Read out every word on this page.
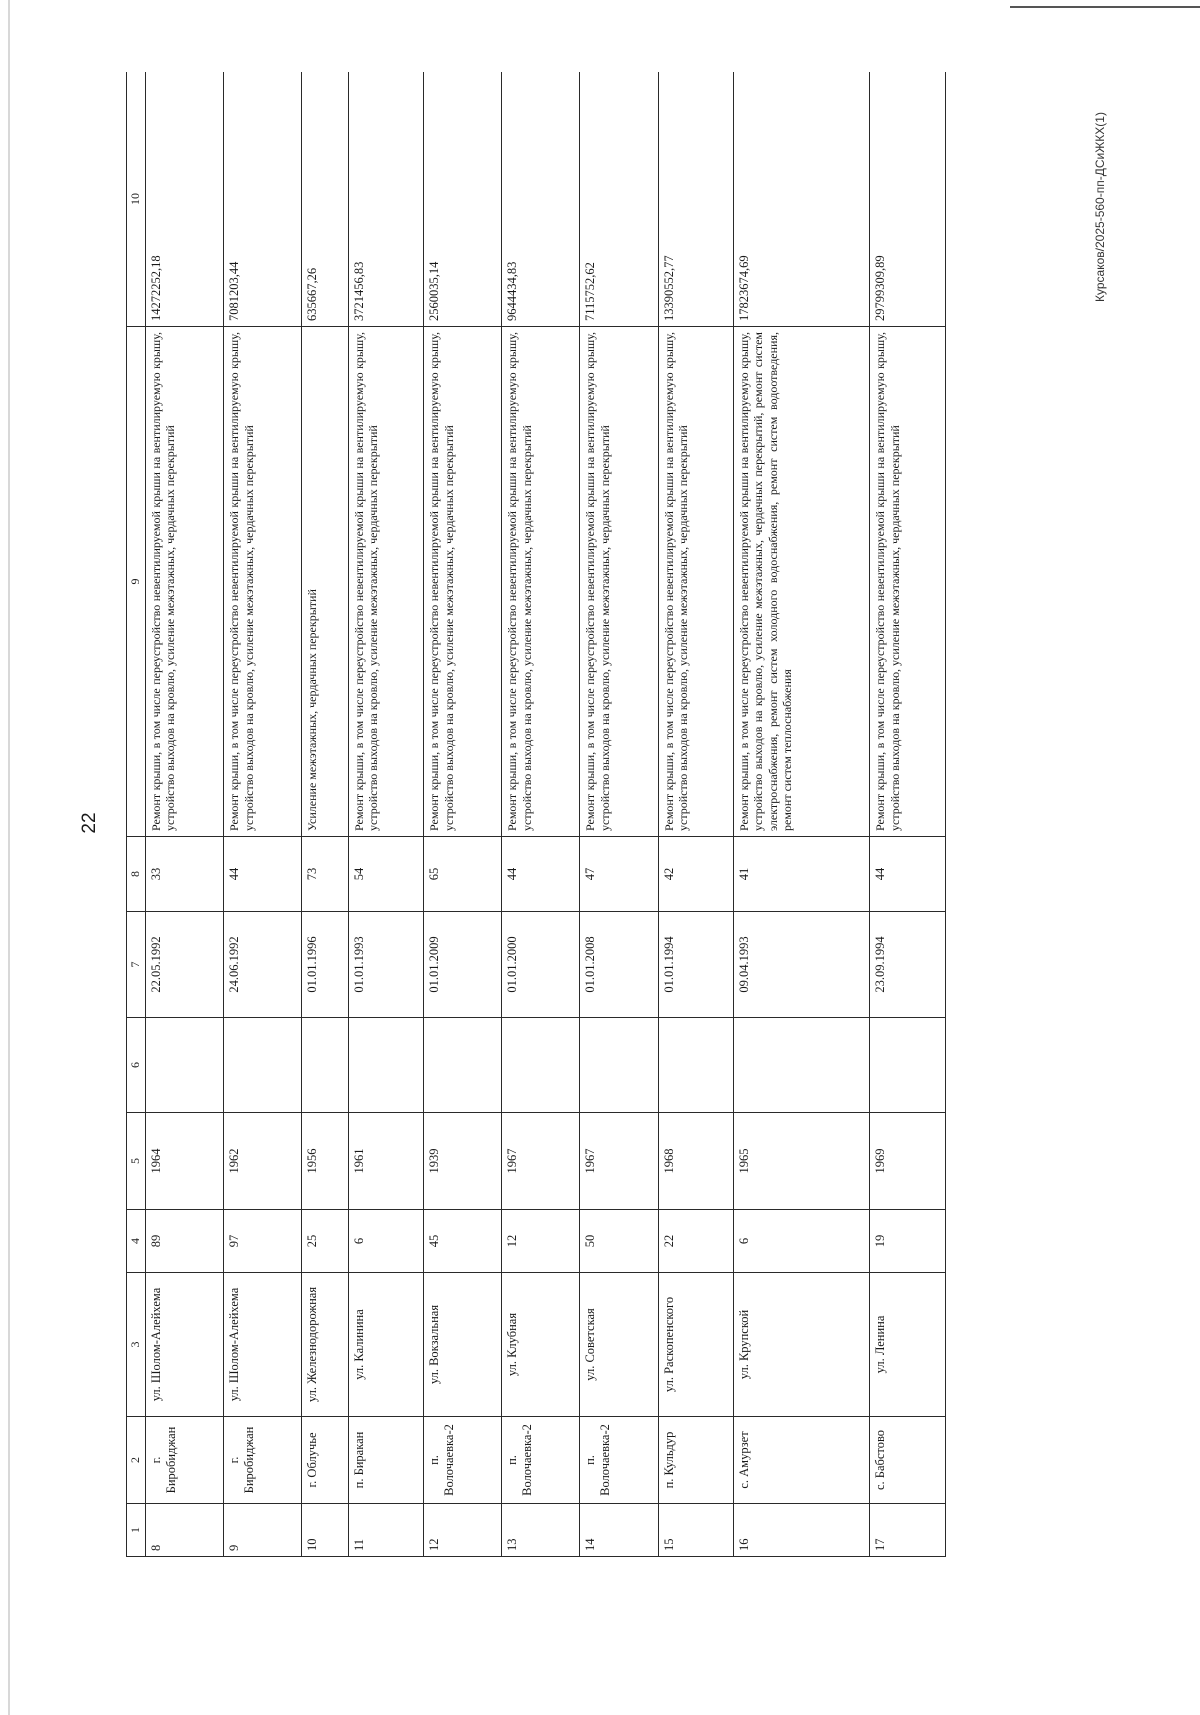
22
Курсаков/2025-560-пп-ДСиЖКХ(1)
1	2	3	4	5	6	7	8	9	10
8	г. Биробиджан	ул. Шолом-Алейхема	89	1964		22.05.1992	33	Ремонт крыши, в том числе переустройство невентилируемой крыши на вентилируемую крышу, устройство выходов на кровлю, усиление межэтажных, чердачных перекрытий	14272252,18
9	г. Биробиджан	ул. Шолом-Алейхема	97	1962		24.06.1992	44	Ремонт крыши, в том числе переустройство невентилируемой крыши на вентилируемую крышу, устройство выходов на кровлю, усиление межэтажных, чердачных перекрытий	7081203,44
10	г. Облучье	ул. Железнодорожная	25	1956		01.01.1996	73	Усиление межэтажных, чердачных перекрытий	635667,26
11	п. Биракан	ул. Калинина	6	1961		01.01.1993	54	Ремонт крыши, в том числе переустройство невентилируемой крыши на вентилируемую крышу, устройство выходов на кровлю, усиление межэтажных, чердачных перекрытий	3721456,83
12	п. Волочаевка-2	ул. Вокзальная	45	1939		01.01.2009	65	Ремонт крыши, в том числе переустройство невентилируемой крыши на вентилируемую крышу, устройство выходов на кровлю, усиление межэтажных, чердачных перекрытий	2560035,14
13	п. Волочаевка-2	ул. Клубная	12	1967		01.01.2000	44	Ремонт крыши, в том числе переустройство невентилируемой крыши на вентилируемую крышу, устройство выходов на кровлю, усиление межэтажных, чердачных перекрытий	9644434,83
14	п. Волочаевка-2	ул. Советская	50	1967		01.01.2008	47	Ремонт крыши, в том числе переустройство невентилируемой крыши на вентилируемую крышу, устройство выходов на кровлю, усиление межэтажных, чердачных перекрытий	7115752,62
15	п. Кульдур	ул. Раскопенского	22	1968		01.01.1994	42	Ремонт крыши, в том числе переустройство невентилируемой крыши на вентилируемую крышу, устройство выходов на кровлю, усиление межэтажных, чердачных перекрытий	13390552,77
16	с. Амурзет	ул. Крупской	6	1965		09.04.1993	41	Ремонт крыши, в том числе переустройство невентилируемой крыши на вентилируемую крышу, устройство выходов на кровлю, усиление межэтажных, чердачных перекрытий, ремонт систем электроснабжения, ремонт систем холодного водоснабжения, ремонт систем водоотведения, ремонт систем теплоснабжения	17823674,69
17	с. Бабстово	ул. Ленина	19	1969		23.09.1994	44	Ремонт крыши, в том числе переустройство невентилируемой крыши на вентилируемую крышу, устройство выходов на кровлю, усиление межэтажных, чердачных перекрытий	29799309,89
